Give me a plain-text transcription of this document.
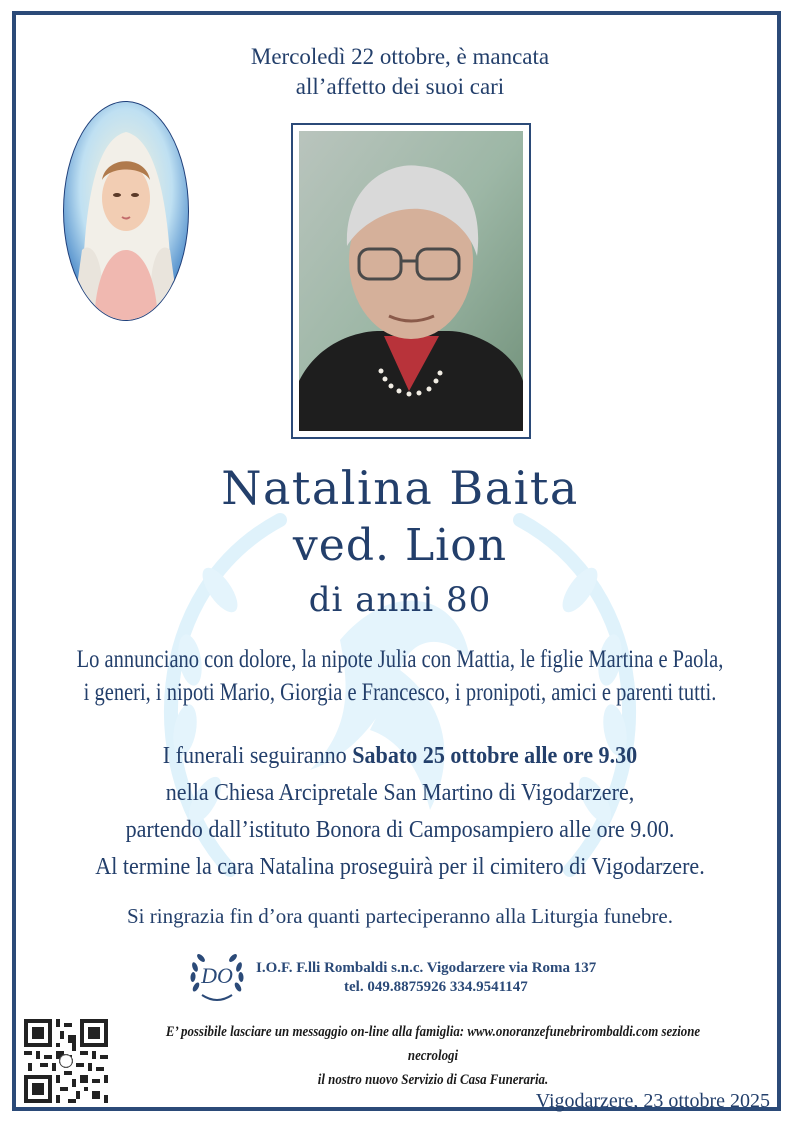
Mercoledì 22 ottobre, è mancata
all’affetto dei suoi cari
Natalina Baita
ved. Lion
di anni 80
Lo annunciano con dolore, la nipote Julia con Mattia, le figlie Martina e Paola,
i generi, i nipoti Mario, Giorgia e Francesco, i pronipoti, amici e parenti tutti.
I funerali seguiranno Sabato 25 ottobre alle ore 9.30
nella Chiesa Arcipretale San Martino di Vigodarzere,
partendo dall’istituto Bonora di Camposampiero alle ore 9.00.
Al termine la cara Natalina proseguirà per il cimitero di Vigodarzere.
Si ringrazia fin d’ora quanti parteciperanno alla Liturgia funebre.
DO I.O.F. F.lli Rombaldi s.n.c. Vigodarzere via Roma 137
tel. 049.8875926 334.9541147
E’ possibile lasciare un messaggio on-line alla famiglia: www.onoranzefunebrirombaldi.com sezione necrologi
il nostro nuovo Servizio di Casa Funeraria.
Vigodarzere, 23 ottobre 2025
